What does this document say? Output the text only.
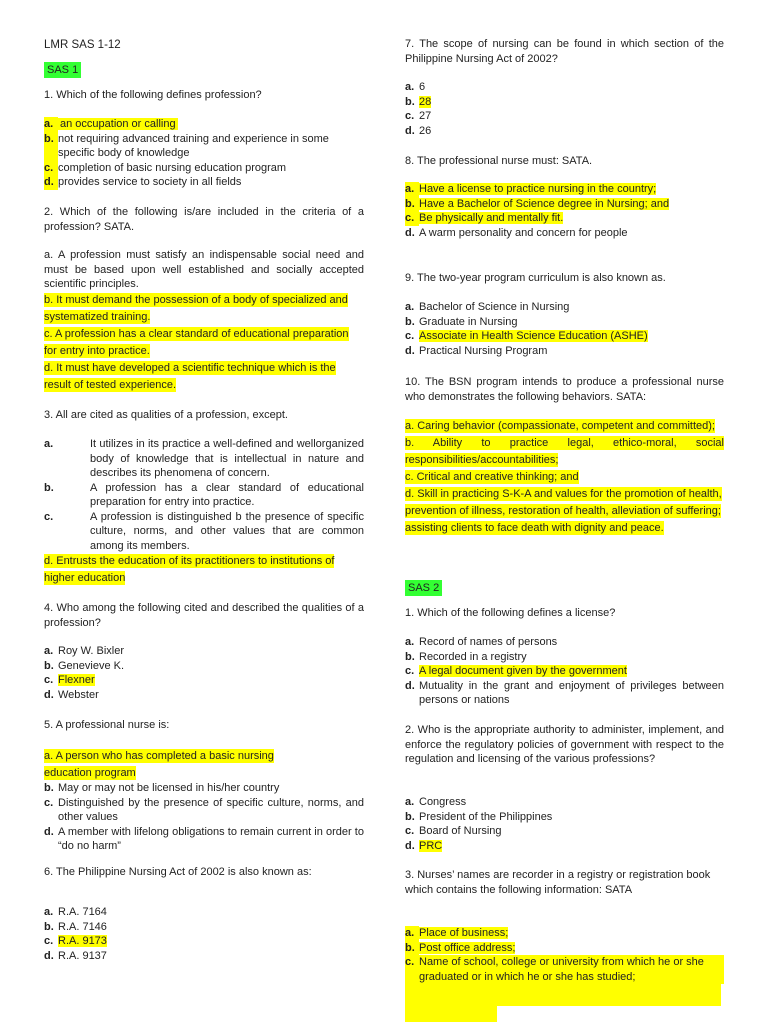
LMR SAS 1-12
SAS 1

1. Which of the following defines profession?

a. an occupation or calling
b. not requiring advanced training and experience in some specific body of knowledge
c. completion of basic nursing education program
d. provides service to society in all fields

2. Which of the following is/are included in the criteria of a profession? SATA.

a. A profession must satisfy an indispensable social need and must be based upon well established and socially accepted scientific principles.

b. It must demand the possession of a body of specialized and systematized training.
c. A profession has a clear standard of educational preparation for entry into practice.
d. It must have developed a scientific technique which is the result of tested experience.

3. All are cited as qualities of a profession, except.

a.	It utilizes in its practice a well-defined and wellorganized body of knowledge that is intellectual in nature and describes its phenomena of concern.
b.	A profession has a clear standard of educational preparation for entry into practice.
c.	A profession is distinguished b the presence of specific culture, norms, and other values that are common among its members.
d. Entrusts the education of its practitioners to institutions of higher education

4. Who among the following cited and described the qualities of a profession?

a. Roy W. Bixler
b. Genevieve K.
c. Flexner
d. Webster

5. A professional nurse is:

a. A person who has completed a basic nursing education program
b. May or may not be licensed in his/her country
c. Distinguished by the presence of specific culture, norms, and other values
d. A member with lifelong obligations to remain current in order to “do no harm”

6. The Philippine Nursing Act of 2002 is also known as:

a. R.A. 7164
b. R.A. 7146
c. R.A. 9173
d. R.A. 9137

7. The scope of nursing can be found in which section of the Philippine Nursing Act of 2002?

a. 6
b. 28
c. 27
d. 26

8. The professional nurse must: SATA.

a. Have a license to practice nursing in the country;
b. Have a Bachelor of Science degree in Nursing; and
c. Be physically and mentally fit.
d. A warm personality and concern for people

9. The two-year program curriculum is also known as.

a. Bachelor of Science in Nursing
b. Graduate in Nursing
c. Associate in Health Science Education (ASHE)
d. Practical Nursing Program

10. The BSN program intends to produce a professional nurse who demonstrates the following behaviors. SATA:

a. Caring behavior (compassionate, competent and committed);
b. Ability to practice legal, ethico-moral, social responsibilities/accountabilities;
c. Critical and creative thinking; and
d. Skill in practicing S-K-A and values for the promotion of health, prevention of illness, restoration of health, alleviation of suffering; assisting clients to face death with dignity and peace.
SAS 2

1. Which of the following defines a license?

a. Record of names of persons
b. Recorded in a registry
c. A legal document given by the government
d. Mutuality in the grant and enjoyment of privileges between persons or nations

2. Who is the appropriate authority to administer, implement, and enforce the regulatory policies of government with respect to the regulation and licensing of the various professions?

a. Congress
b. President of the Philippines
c. Board of Nursing
d. PRC

3. Nurses’ names are recorder in a registry or registration book which contains the following information: SATA

a. Place of business;
b. Post office address;
c. Name of school, college or university from which he or she graduated or in which he or she has studied;
